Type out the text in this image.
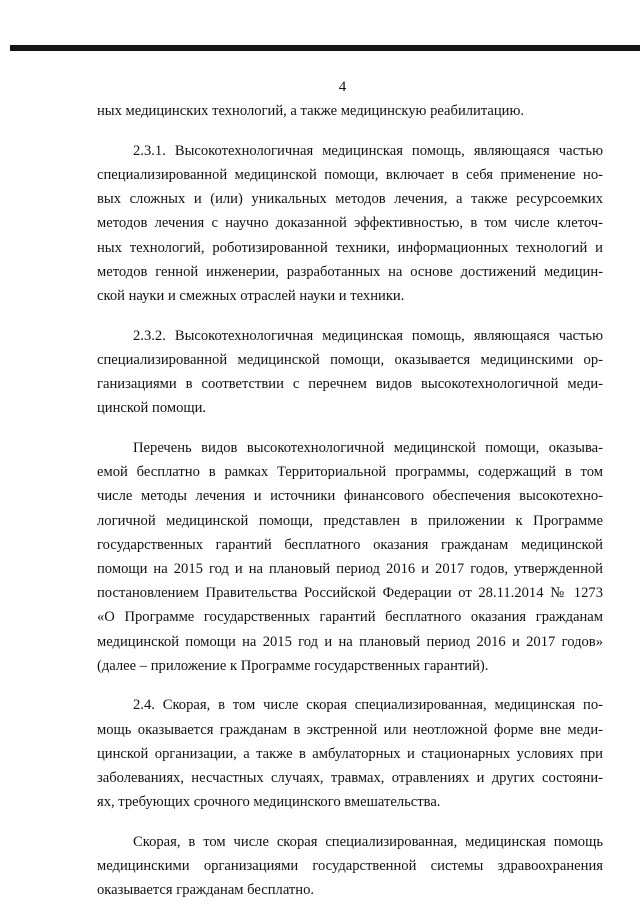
4

ных медицинских технологий, а также медицинскую реабилитацию.

2.3.1. Высокотехнологичная медицинская помощь, являющаяся частью
специализированной медицинской помощи, включает в себя применение но-
вых сложных и (или) уникальных методов лечения, а также ресурсоемких
методов лечения с научно доказанной эффективностью, в том числе клеточ-
ных технологий, роботизированной техники, информационных технологий и
методов генной инженерии, разработанных на основе достижений медицин-
ской науки и смежных отраслей науки и техники.

2.3.2. Высокотехнологичная медицинская помощь, являющаяся частью
специализированной медицинской помощи, оказывается медицинскими ор-
ганизациями в соответствии с перечнем видов высокотехнологичной меди-
цинской помощи.

Перечень видов высокотехнологичной медицинской помощи, оказыва-
емой бесплатно в рамках Территориальной программы, содержащий в том
числе методы лечения и источники финансового обеспечения высокотехно-
логичной медицинской помощи, представлен в приложении к Программе
государственных гарантий бесплатного оказания гражданам медицинской
помощи на 2015 год и на плановый период 2016 и 2017 годов, утвержденной
постановлением Правительства Российской Федерации от 28.11.2014 № 1273
«О Программе государственных гарантий бесплатного оказания гражданам
медицинской помощи на 2015 год и на плановый период 2016 и 2017 годов»
(далее – приложение к Программе государственных гарантий).

2.4. Скорая, в том числе скорая специализированная, медицинская по-
мощь оказывается гражданам в экстренной или неотложной форме вне меди-
цинской организации, а также в амбулаторных и стационарных условиях при
заболеваниях, несчастных случаях, травмах, отравлениях и других состояни-
ях, требующих срочного медицинского вмешательства.

Скорая, в том числе скорая специализированная, медицинская помощь
медицинскими организациями государственной системы здравоохранения
оказывается гражданам бесплатно.
